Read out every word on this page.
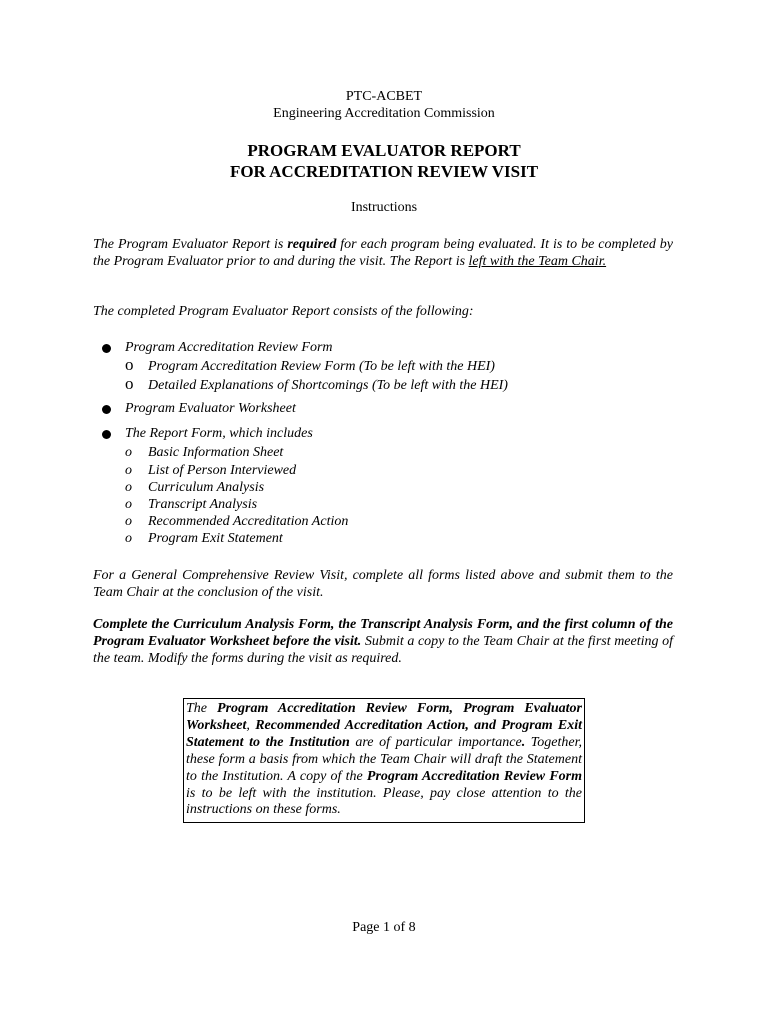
PTC-ACBET
Engineering Accreditation Commission
PROGRAM EVALUATOR REPORT
FOR ACCREDITATION REVIEW VISIT
Instructions

The Program Evaluator Report is required for each program being evaluated. It is to be completed by the Program Evaluator prior to and during the visit. The Report is left with the Team Chair.

The completed Program Evaluator Report consists of the following:

Program Accreditation Review Form
o Program Accreditation Review Form (To be left with the HEI)
o Detailed Explanations of Shortcomings (To be left with the HEI)
Program Evaluator Worksheet
The Report Form, which includes
o Basic Information Sheet
o List of Person Interviewed
o Curriculum Analysis
o Transcript Analysis
o Recommended Accreditation Action
o Program Exit Statement

For a General Comprehensive Review Visit, complete all forms listed above and submit them to the Team Chair at the conclusion of the visit.

Complete the Curriculum Analysis Form, the Transcript Analysis Form, and the first column of the Program Evaluator Worksheet before the visit. Submit a copy to the Team Chair at the first meeting of the team. Modify the forms during the visit as required.

The Program Accreditation Review Form, Program Evaluator Worksheet, Recommended Accreditation Action, and Program Exit Statement to the Institution are of particular importance. Together, these form a basis from which the Team Chair will draft the Statement to the Institution. A copy of the Program Accreditation Review Form is to be left with the institution. Please, pay close attention to the instructions on these forms.
Page 1 of 8
